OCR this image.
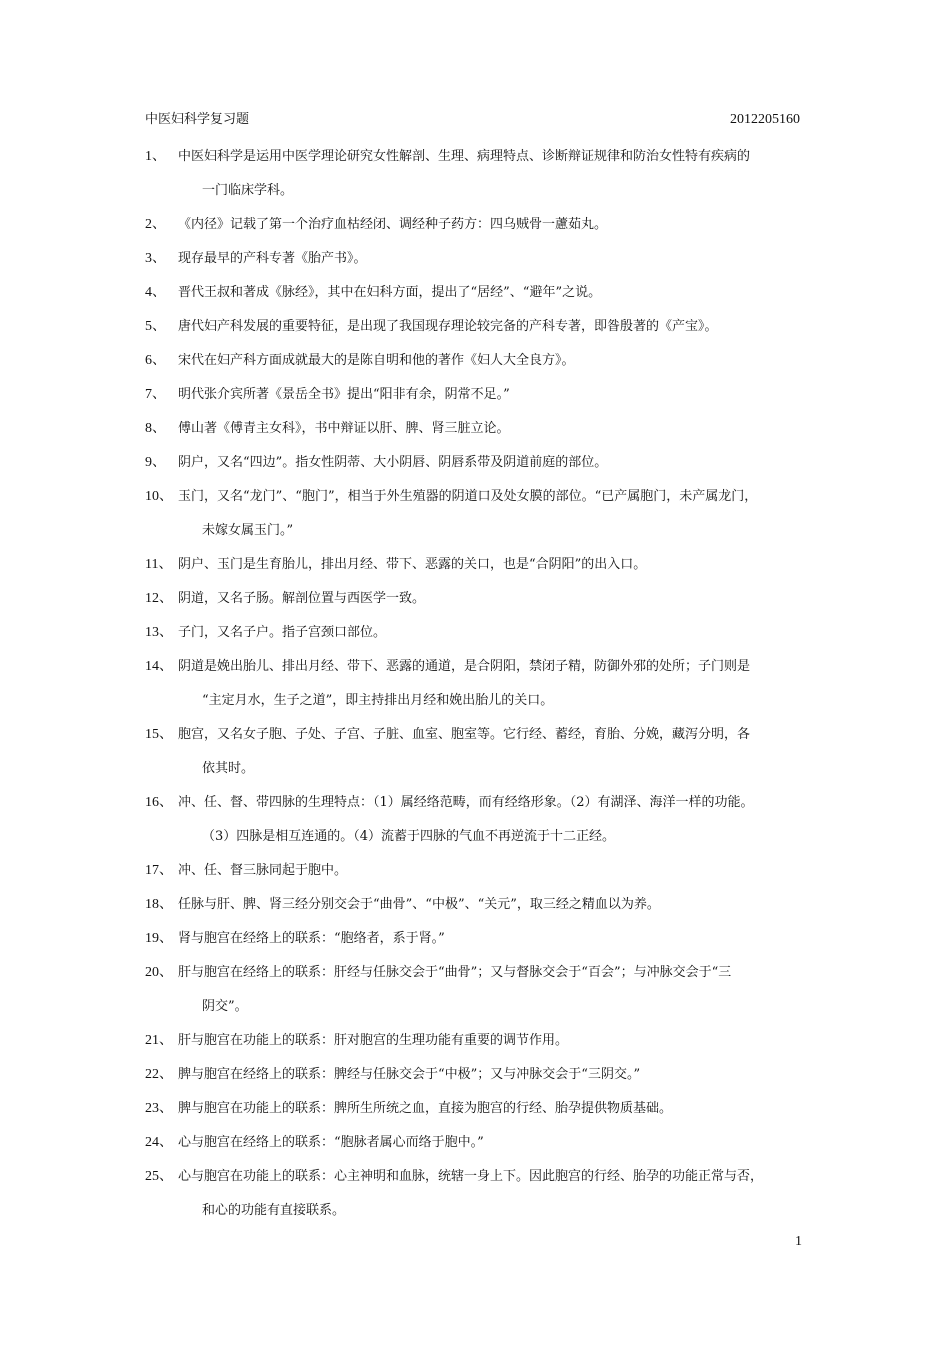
中医妇科学复习题	2012205160
1、 中医妇科学是运用中医学理论研究女性解剖、生理、病理特点、诊断辩证规律和防治女性特有疾病的
一门临床学科。
2、 《内径》记载了第一个治疗血枯经闭、调经种子药方：四乌贼骨一藘茹丸。
3、 现存最早的产科专著《胎产书》。
4、 晋代王叔和著成《脉经》，其中在妇科方面，提出了“居经”、“避年”之说。
5、 唐代妇产科发展的重要特征，是出现了我国现存理论较完备的产科专著，即昝殷著的《产宝》。
6、 宋代在妇产科方面成就最大的是陈自明和他的著作《妇人大全良方》。
7、 明代张介宾所著《景岳全书》提出“阳非有余，阴常不足。”
8、 傅山著《傅青主女科》，书中辩证以肝、脾、肾三脏立论。
9、 阴户，又名“四边”。指女性阴蒂、大小阴唇、阴唇系带及阴道前庭的部位。
10、 玉门，又名“龙门”、“胞门”，相当于外生殖器的阴道口及处女膜的部位。“已产属胞门，未产属龙门，
未嫁女属玉门。”
11、 阴户、玉门是生育胎儿，排出月经、带下、恶露的关口，也是“合阴阳”的出入口。
12、 阴道，又名子肠。解剖位置与西医学一致。
13、 子门，又名子户。指子宫颈口部位。
14、 阴道是娩出胎儿、排出月经、带下、恶露的通道，是合阴阳，禁闭子精，防御外邪的处所；子门则是
“主定月水，生子之道”，即主持排出月经和娩出胎儿的关口。
15、 胞宫，又名女子胞、子处、子宫、子脏、血室、胞室等。它行经、蓄经，育胎、分娩，藏泻分明，各
依其时。
16、 冲、任、督、带四脉的生理特点：（1）属经络范畴，而有经络形象。（2）有湖泽、海洋一样的功能。
（3）四脉是相互连通的。（4）流蓄于四脉的气血不再逆流于十二正经。
17、 冲、任、督三脉同起于胞中。
18、 任脉与肝、脾、肾三经分别交会于“曲骨”、“中极”、“关元”，取三经之精血以为养。
19、 肾与胞宫在经络上的联系：“胞络者，系于肾。”
20、 肝与胞宫在经络上的联系：肝经与任脉交会于“曲骨”；又与督脉交会于“百会”；与冲脉交会于“三
阴交”。
21、 肝与胞宫在功能上的联系：肝对胞宫的生理功能有重要的调节作用。
22、 脾与胞宫在经络上的联系：脾经与任脉交会于“中极”；又与冲脉交会于“三阴交。”
23、 脾与胞宫在功能上的联系：脾所生所统之血，直接为胞宫的行经、胎孕提供物质基础。
24、 心与胞宫在经络上的联系：“胞脉者属心而络于胞中。”
25、 心与胞宫在功能上的联系：心主神明和血脉，统辖一身上下。因此胞宫的行经、胎孕的功能正常与否，
和心的功能有直接联系。
1
